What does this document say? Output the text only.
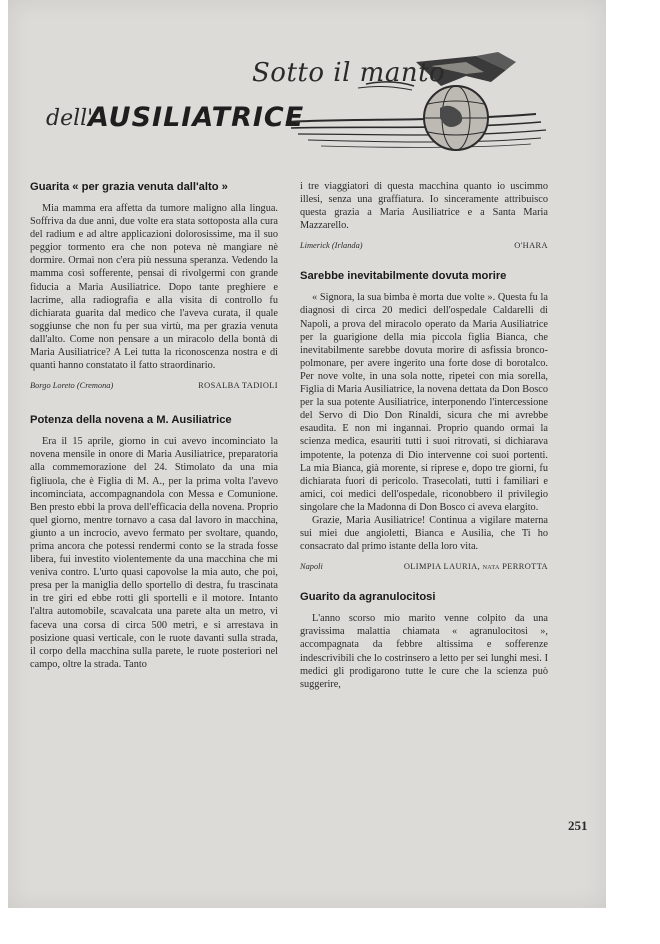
Sotto il manto
dell'
AUSILIATRICE
Guarita « per grazia venuta dall'alto »

Mia mamma era affetta da tumore maligno alla lingua. Soffriva da due anni, due volte era stata sottoposta alla cura del radium e ad altre applicazioni dolorosissime, ma il suo peggior tormento era che non poteva nè mangiare nè dormire. Ormai non c'era più nessuna speranza. Vedendo la mamma così sofferente, pensai di rivolgermi con grande fiducia a Maria Ausiliatrice. Dopo tante preghiere e lacrime, alla radiografia e alla visita di controllo fu dichiarata guarita dal medico che l'aveva curata, il quale soggiunse che non fu per sua virtù, ma per grazia venuta dall'alto. Come non pensare a un miracolo della bontà di Maria Ausiliatrice? A Lei tutta la riconoscenza nostra e di quanti hanno constatato il fatto straordinario.

Borgo Loreto (Cremona)	ROSALBA TADIOLI
Potenza della novena a M. Ausiliatrice

Era il 15 aprile, giorno in cui avevo incominciato la novena mensile in onore di Maria Ausiliatrice, preparatoria alla commemorazione del 24. Stimolato da una mia figliuola, che è Figlia di M. A., per la prima volta l'avevo incominciata, accompagnandola con Messa e Comunione. Ben presto ebbi la prova dell'efficacia della novena. Proprio quel giorno, mentre tornavo a casa dal lavoro in macchina, giunto a un incrocio, avevo fermato per svoltare, quando, prima ancora che potessi rendermi conto se la strada fosse libera, fui investito violentemente da una macchina che mi veniva contro. L'urto quasi capovolse la mia auto, che poi, presa per la maniglia dello sportello di destra, fu trascinata in tre giri ed ebbe rotti gli sportelli e il motore. Intanto l'altra automobile, scavalcata una parete alta un metro, vi faceva una corsa di circa 500 metri, e si arrestava in posizione quasi verticale, con le ruote davanti sulla strada, il corpo della macchina sulla parete, le ruote posteriori nel campo, oltre la strada. Tanto

i tre viaggiatori di questa macchina quanto io uscimmo illesi, senza una graffiatura. Io sinceramente attribuisco questa grazia a Maria Ausiliatrice e a Santa Maria Mazzarello.

Limerick (Irlanda)	O'HARA
Sarebbe inevitabilmente dovuta morire

« Signora, la sua bimba è morta due volte ». Questa fu la diagnosi di circa 20 medici dell'ospedale Caldarelli di Napoli, a prova del miracolo operato da Maria Ausiliatrice per la guarigione della mia piccola figlia Bianca, che inevitabilmente sarebbe dovuta morire di asfissia bronco-polmonare, per avere ingerito una forte dose di borotalco. Per nove volte, in una sola notte, ripetei con mia sorella, Figlia di Maria Ausiliatrice, la novena dettata da Don Bosco per la sua potente Ausiliatrice, interponendo l'intercessione del Servo di Dio Don Rinaldi, sicura che mi avrebbe esaudita. E non mi ingannai. Proprio quando ormai la scienza medica, esauriti tutti i suoi ritrovati, si dichiarava impotente, la potenza di Dio intervenne coi suoi portenti. La mia Bianca, già morente, si riprese e, dopo tre giorni, fu dichiarata fuori di pericolo. Trasecolati, tutti i familiari e amici, coi medici dell'ospedale, riconobbero il privilegio singolare che la Madonna di Don Bosco ci aveva elargito.

Grazie, Maria Ausiliatrice! Continua a vigilare materna sui miei due angioletti, Bianca e Ausilia, che Ti ho consacrato dal primo istante della loro vita.

Napoli	OLIMPIA LAURIA, nata PERROTTA
Guarito da agranulocitosi

L'anno scorso mio marito venne colpito da una gravissima malattia chiamata « agranulocitosi », accompagnata da febbre altissima e sofferenze indescrivibili che lo costrinsero a letto per sei lunghi mesi. I medici gli prodigarono tutte le cure che la scienza può suggerire,

251
